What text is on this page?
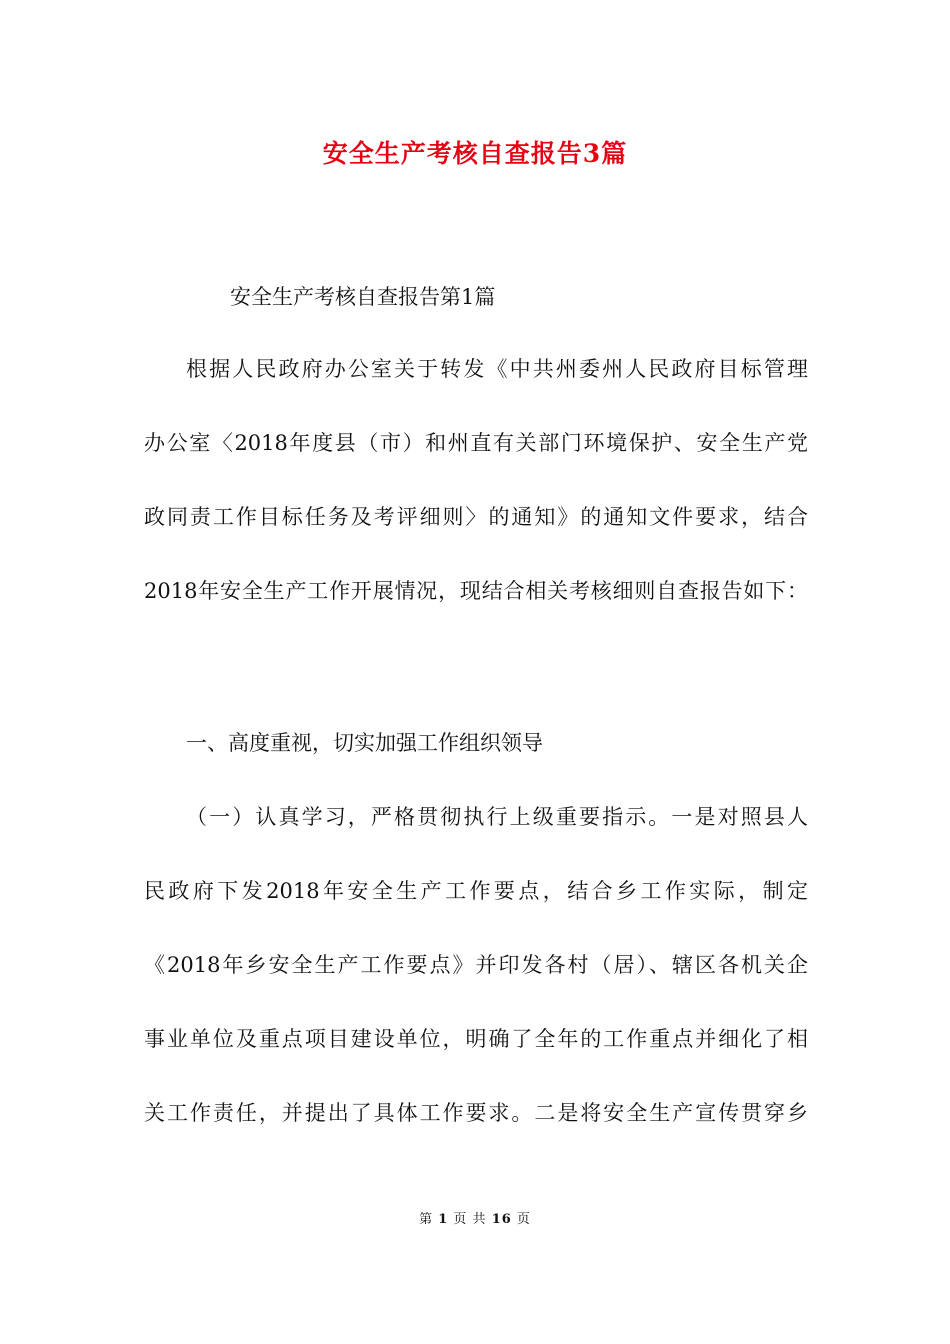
安全生产考核自查报告3篇
安全生产考核自查报告第1篇
根据人民政府办公室关于转发《中共州委州人民政府目标管理
办公室〈2018年度县（市）和州直有关部门环境保护、安全生产党
政同责工作目标任务及考评细则〉的通知》的通知文件要求，结合
2018年安全生产工作开展情况，现结合相关考核细则自查报告如下：
一、高度重视，切实加强工作组织领导
（一）认真学习，严格贯彻执行上级重要指示。一是对照县人
民政府下发2018年安全生产工作要点，结合乡工作实际，制定
《2018年乡安全生产工作要点》并印发各村（居）、辖区各机关企
事业单位及重点项目建设单位，明确了全年的工作重点并细化了相
关工作责任，并提出了具体工作要求。二是将安全生产宣传贯穿乡
第 1 页 共 16 页
